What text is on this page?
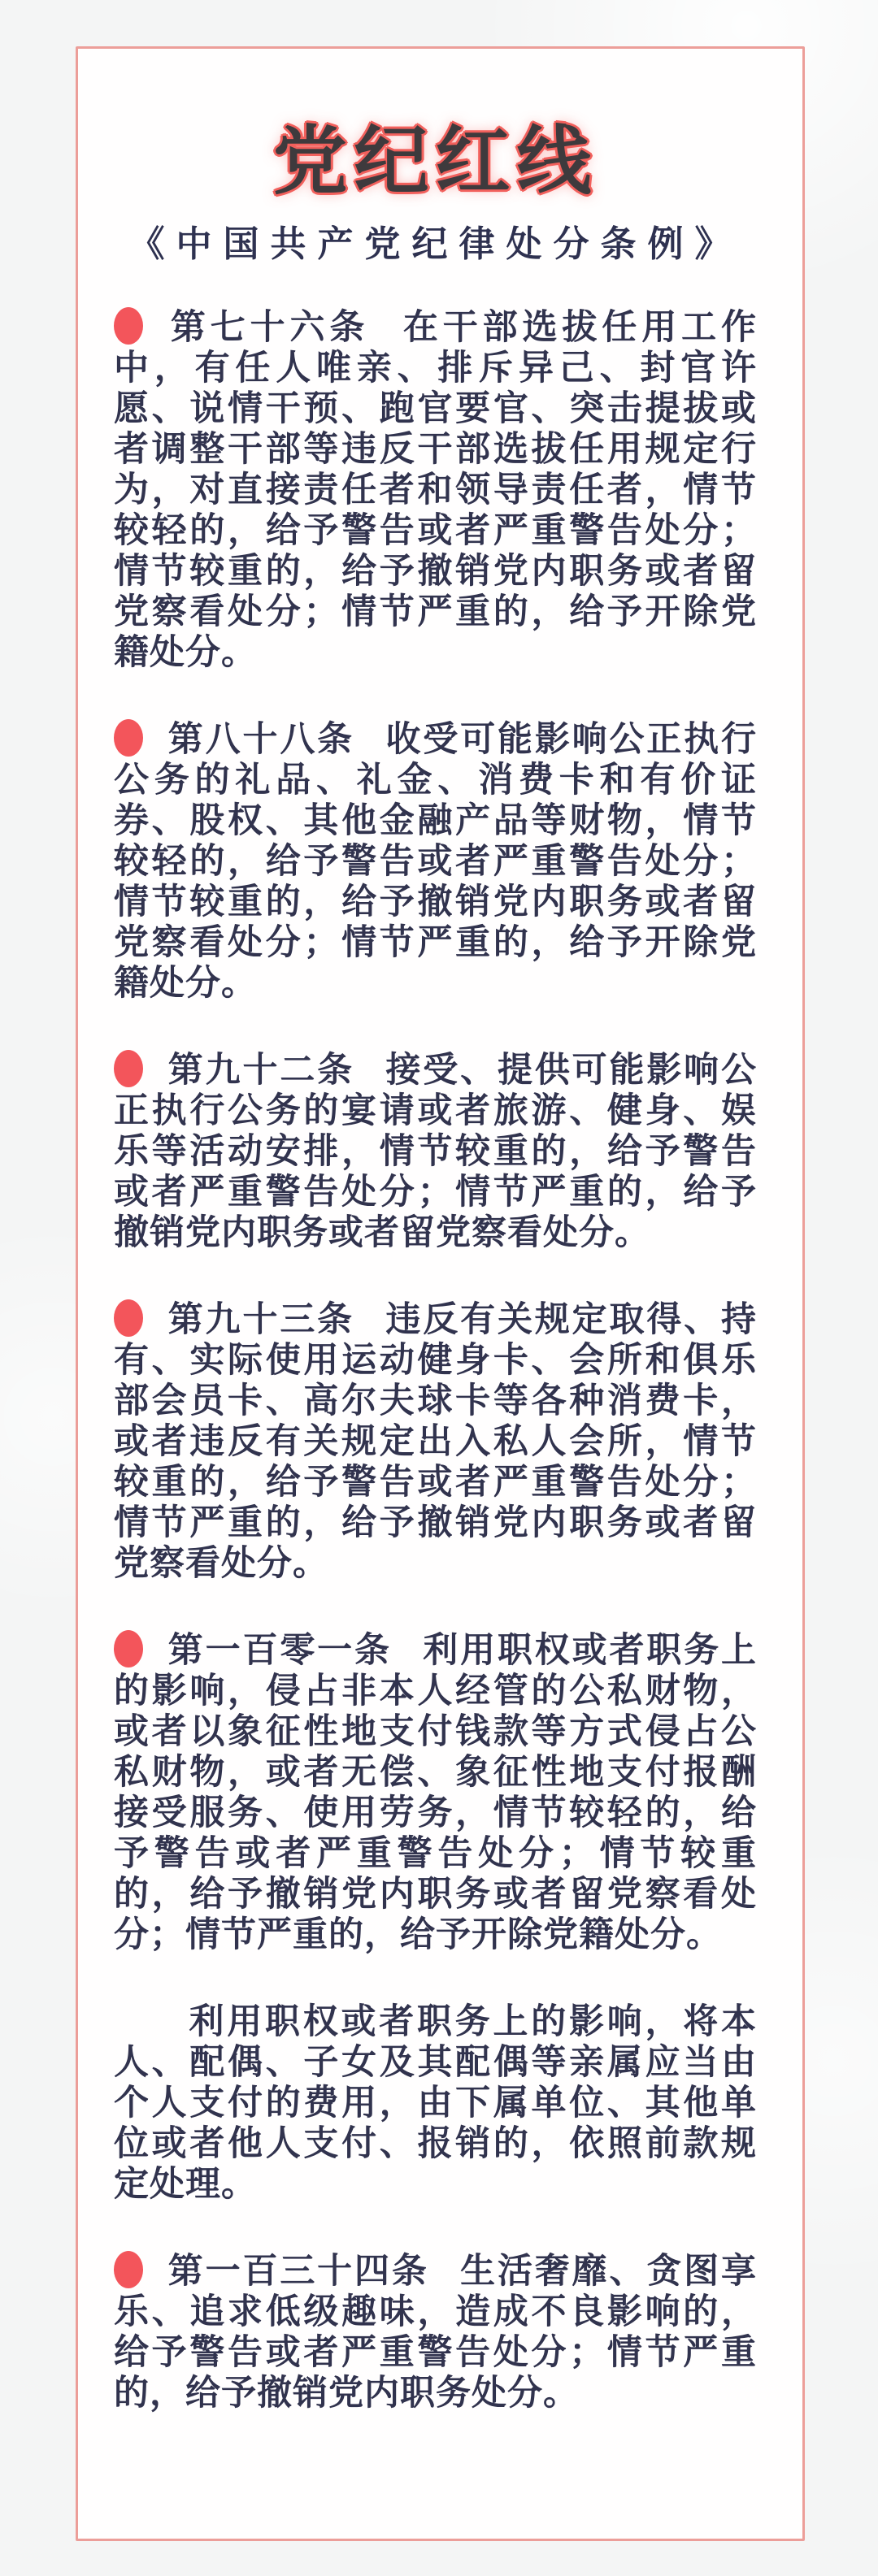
党纪红线
《中国共产党纪律处分条例》

第七十六条 在干部选拔任用工作中，有任人唯亲、排斥异己、封官许愿、说情干预、跑官要官、突击提拔或者调整干部等违反干部选拔任用规定行为，对直接责任者和领导责任者，情节较轻的，给予警告或者严重警告处分；情节较重的，给予撤销党内职务或者留党察看处分；情节严重的，给予开除党籍处分。

第八十八条 收受可能影响公正执行公务的礼品、礼金、消费卡和有价证券、股权、其他金融产品等财物，情节较轻的，给予警告或者严重警告处分；情节较重的，给予撤销党内职务或者留党察看处分；情节严重的，给予开除党籍处分。

第九十二条 接受、提供可能影响公正执行公务的宴请或者旅游、健身、娱乐等活动安排，情节较重的，给予警告或者严重警告处分；情节严重的，给予撤销党内职务或者留党察看处分。

第九十三条 违反有关规定取得、持有、实际使用运动健身卡、会所和俱乐部会员卡、高尔夫球卡等各种消费卡，或者违反有关规定出入私人会所，情节较重的，给予警告或者严重警告处分；情节严重的，给予撤销党内职务或者留党察看处分。

第一百零一条 利用职权或者职务上的影响，侵占非本人经管的公私财物，或者以象征性地支付钱款等方式侵占公私财物，或者无偿、象征性地支付报酬接受服务、使用劳务，情节较轻的，给予警告或者严重警告处分；情节较重的，给予撤销党内职务或者留党察看处分；情节严重的，给予开除党籍处分。

利用职权或者职务上的影响，将本人、配偶、子女及其配偶等亲属应当由个人支付的费用，由下属单位、其他单位或者他人支付、报销的，依照前款规定处理。

第一百三十四条 生活奢靡、贪图享乐、追求低级趣味，造成不良影响的，给予警告或者严重警告处分；情节严重的，给予撤销党内职务处分。
